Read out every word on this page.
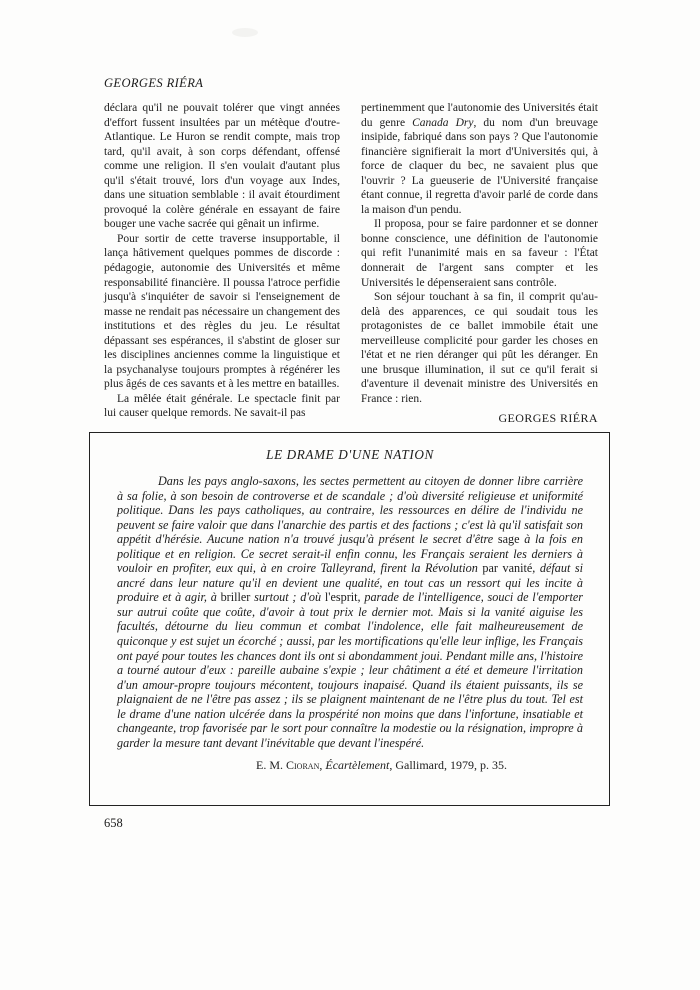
GEORGES RIÉRA

déclara qu'il ne pouvait tolérer que vingt années d'effort fussent insultées par un métèque d'outre-Atlantique. Le Huron se rendit compte, mais trop tard, qu'il avait, à son corps défendant, offensé comme une religion. Il s'en voulait d'autant plus qu'il s'était trouvé, lors d'un voyage aux Indes, dans une situation semblable : il avait étourdiment provoqué la colère générale en essayant de faire bouger une vache sacrée qui gênait un infirme.

Pour sortir de cette traverse insupportable, il lança hâtivement quelques pommes de discorde : pédagogie, autonomie des Universités et même responsabilité financière. Il poussa l'atroce perfidie jusqu'à s'inquiéter de savoir si l'enseignement de masse ne rendait pas nécessaire un changement des institutions et des règles du jeu. Le résultat dépassant ses espérances, il s'abstint de gloser sur les disciplines anciennes comme la linguistique et la psychanalyse toujours promptes à régénérer les plus âgés de ces savants et à les mettre en batailles.

La mêlée était générale. Le spectacle finit par lui causer quelque remords. Ne savait-il pas

pertinemment que l'autonomie des Universités était du genre Canada Dry, du nom d'un breuvage insipide, fabriqué dans son pays ? Que l'autonomie financière signifierait la mort d'Universités qui, à force de claquer du bec, ne savaient plus que l'ouvrir ? La gueuserie de l'Université française étant connue, il regretta d'avoir parlé de corde dans la maison d'un pendu.

Il proposa, pour se faire pardonner et se donner bonne conscience, une définition de l'autonomie qui refit l'unanimité mais en sa faveur : l'État donnerait de l'argent sans compter et les Universités le dépenseraient sans contrôle.

Son séjour touchant à sa fin, il comprit qu'au-delà des apparences, ce qui soudait tous les protagonistes de ce ballet immobile était une merveilleuse complicité pour garder les choses en l'état et ne rien déranger qui pût les déranger. En une brusque illumination, il sut ce qu'il ferait si d'aventure il devenait ministre des Universités en France : rien.

GEORGES RIÉRA
LE DRAME D'UNE NATION

Dans les pays anglo-saxons, les sectes permettent au citoyen de donner libre carrière à sa folie, à son besoin de controverse et de scandale ; d'où diversité religieuse et uniformité politique. Dans les pays catholiques, au contraire, les ressources en délire de l'individu ne peuvent se faire valoir que dans l'anarchie des partis et des factions ; c'est là qu'il satisfait son appétit d'hérésie. Aucune nation n'a trouvé jusqu'à présent le secret d'être sage à la fois en politique et en religion. Ce secret serait-il enfin connu, les Français seraient les derniers à vouloir en profiter, eux qui, à en croire Talleyrand, firent la Révolution par vanité, défaut si ancré dans leur nature qu'il en devient une qualité, en tout cas un ressort qui les incite à produire et à agir, à briller surtout ; d'où l'esprit, parade de l'intelligence, souci de l'emporter sur autrui coûte que coûte, d'avoir à tout prix le dernier mot. Mais si la vanité aiguise les facultés, détourne du lieu commun et combat l'indolence, elle fait malheureusement de quiconque y est sujet un écorché ; aussi, par les mortifications qu'elle leur inflige, les Français ont payé pour toutes les chances dont ils ont si abondamment joui. Pendant mille ans, l'histoire a tourné autour d'eux : pareille aubaine s'expie ; leur châtiment a été et demeure l'irritation d'un amour-propre toujours mécontent, toujours inapaisé. Quand ils étaient puissants, ils se plaignaient de ne l'être pas assez ; ils se plaignent maintenant de ne l'être plus du tout. Tel est le drame d'une nation ulcérée dans la prospérité non moins que dans l'infortune, insatiable et changeante, trop favorisée par le sort pour connaître la modestie ou la résignation, impropre à garder la mesure tant devant l'inévitable que devant l'inespéré.

E. M. Cioran, Écartèlement, Gallimard, 1979, p. 35.
658
